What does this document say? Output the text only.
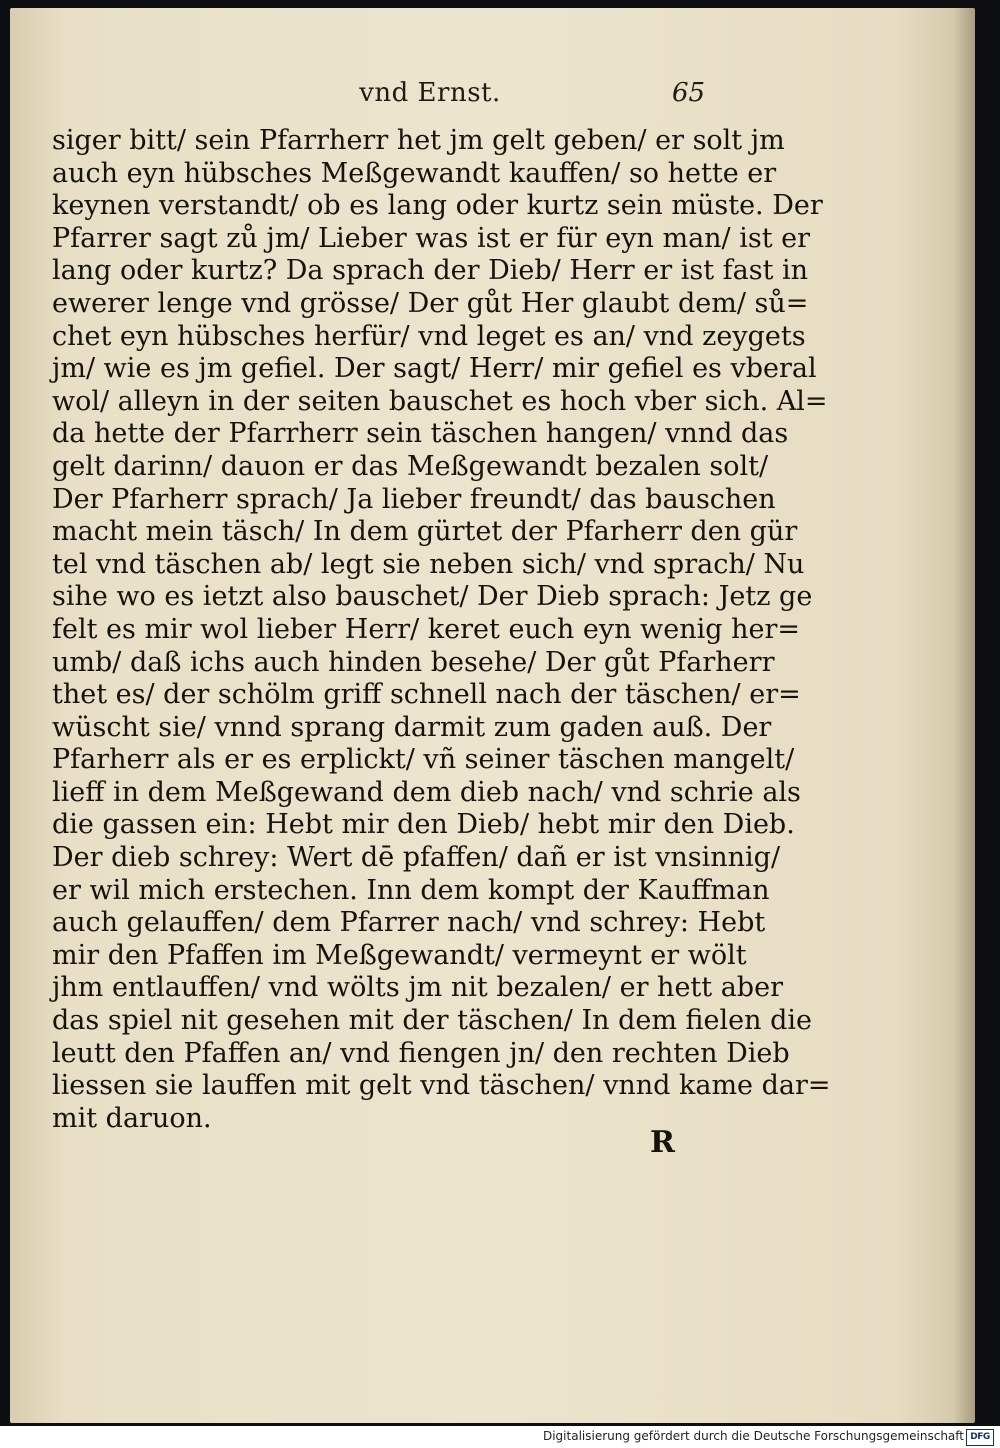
vnd Ernst.	65
siger bitt/ sein Pfarrherr het jm gelt geben/ er solt jm
auch eyn hübsches Meßgewandt kauffen/ so hette er
keynen verstandt/ ob es lang oder kurtz sein müste. Der
Pfarrer sagt zů jm/ Lieber was ist er für eyn man/ ist er
lang oder kurtz? Da sprach der Dieb/ Herr er ist fast in
ewerer lenge vnd grösse/ Der gůt Her glaubt dem/ sů=
chet eyn hübsches herfür/ vnd leget es an/ vnd zeygets
jm/ wie es jm gefiel. Der sagt/ Herr/ mir gefiel es vberal
wol/ alleyn in der seiten bauschet es hoch vber sich. Al=
da hette der Pfarrherr sein täschen hangen/ vnnd das
gelt darinn/ dauon er das Meßgewandt bezalen solt/
Der Pfarherr sprach/ Ja lieber freundt/ das bauschen
macht mein täsch/ In dem gürtet der Pfarherr den gür
tel vnd täschen ab/ legt sie neben sich/ vnd sprach/ Nu
sihe wo es ietzt also bauschet/ Der Dieb sprach: Jetz ge
felt es mir wol lieber Herr/ keret euch eyn wenig her=
umb/ daß ichs auch hinden besehe/ Der gůt Pfarherr
thet es/ der schölm griff schnell nach der täschen/ er=
wüscht sie/ vnnd sprang darmit zum gaden auß. Der
Pfarherr als er es erplickt/ vñ seiner täschen mangelt/
lieff in dem Meßgewand dem dieb nach/ vnd schrie als
die gassen ein: Hebt mir den Dieb/ hebt mir den Dieb.
Der dieb schrey: Wert dē pfaffen/ dañ er ist vnsinnig/
er wil mich erstechen. Inn dem kompt der Kauffman
auch gelauffen/ dem Pfarrer nach/ vnd schrey: Hebt
mir den Pfaffen im Meßgewandt/ vermeynt er wölt
jhm entlauffen/ vnd wölts jm nit bezalen/ er hett aber
das spiel nit gesehen mit der täschen/ In dem fielen die
leutt den Pfaffen an/ vnd fiengen jn/ den rechten Dieb
liessen sie lauffen mit gelt vnd täschen/ vnnd kame dar=
mit daruon.
R
Digitalisierung gefördert durch die Deutsche Forschungsgemeinschaft DFG
